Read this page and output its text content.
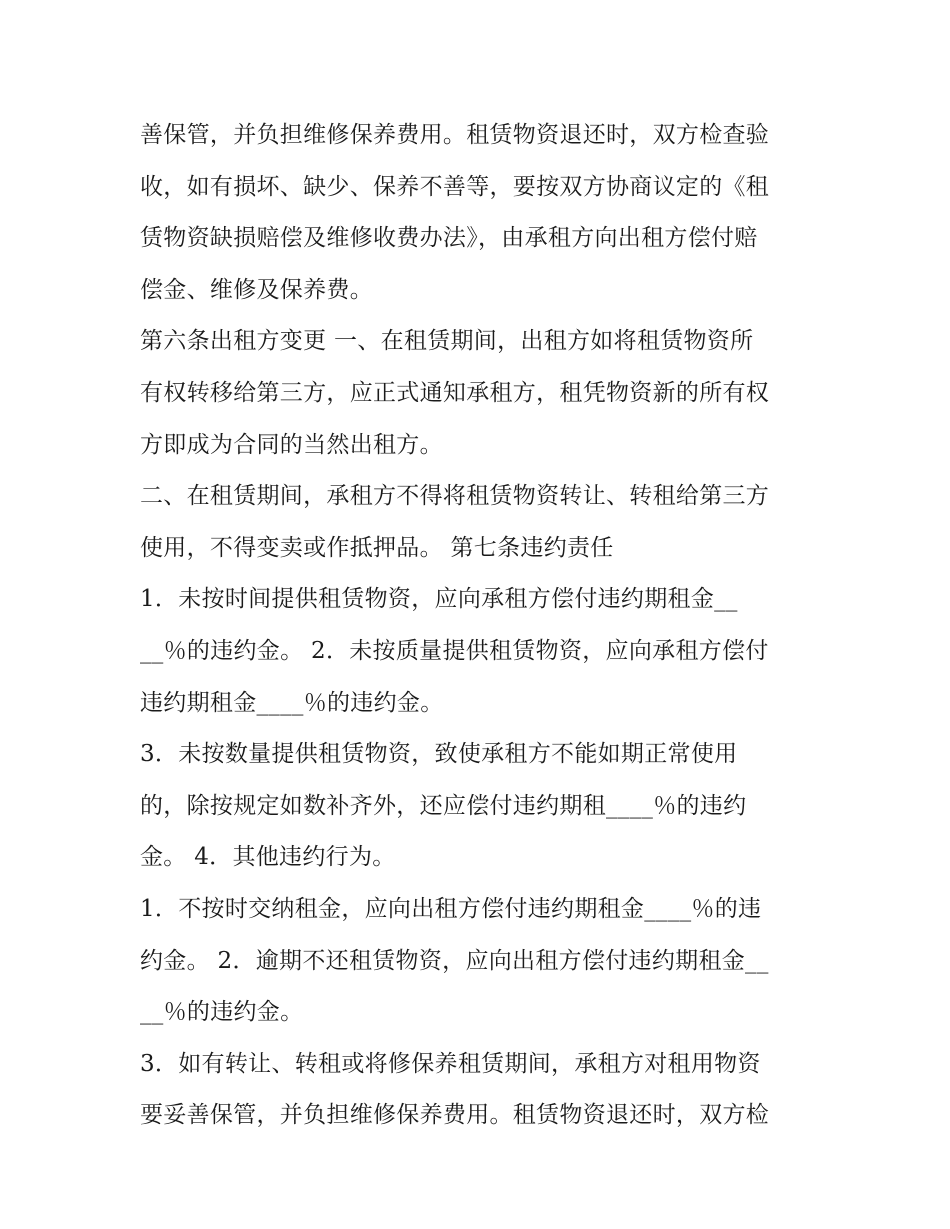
善保管，并负担维修保养费用。租赁物资退还时，双方检查验
收，如有损坏、缺少、保养不善等，要按双方协商议定的《租
赁物资缺损赔偿及维修收费办法》，由承租方向出租方偿付赔
偿金、维修及保养费。
第六条出租方变更 一、在租赁期间，出租方如将租赁物资所
有权转移给第三方，应正式通知承租方，租凭物资新的所有权
方即成为合同的当然出租方。
二、在租赁期间，承租方不得将租赁物资转让、转租给第三方
使用，不得变卖或作抵押品。 第七条违约责任
1．未按时间提供租赁物资，应向承租方偿付违约期租金__
__％的违约金。 2．未按质量提供租赁物资，应向承租方偿付
违约期租金____％的违约金。
3．未按数量提供租赁物资，致使承租方不能如期正常使用
的，除按规定如数补齐外，还应偿付违约期租____％的违约
金。 4．其他违约行为。
1．不按时交纳租金，应向出租方偿付违约期租金____％的违
约金。 2．逾期不还租赁物资，应向出租方偿付违约期租金__
__％的违约金。
3．如有转让、转租或将修保养租赁期间，承租方对租用物资
要妥善保管，并负担维修保养费用。租赁物资退还时，双方检
